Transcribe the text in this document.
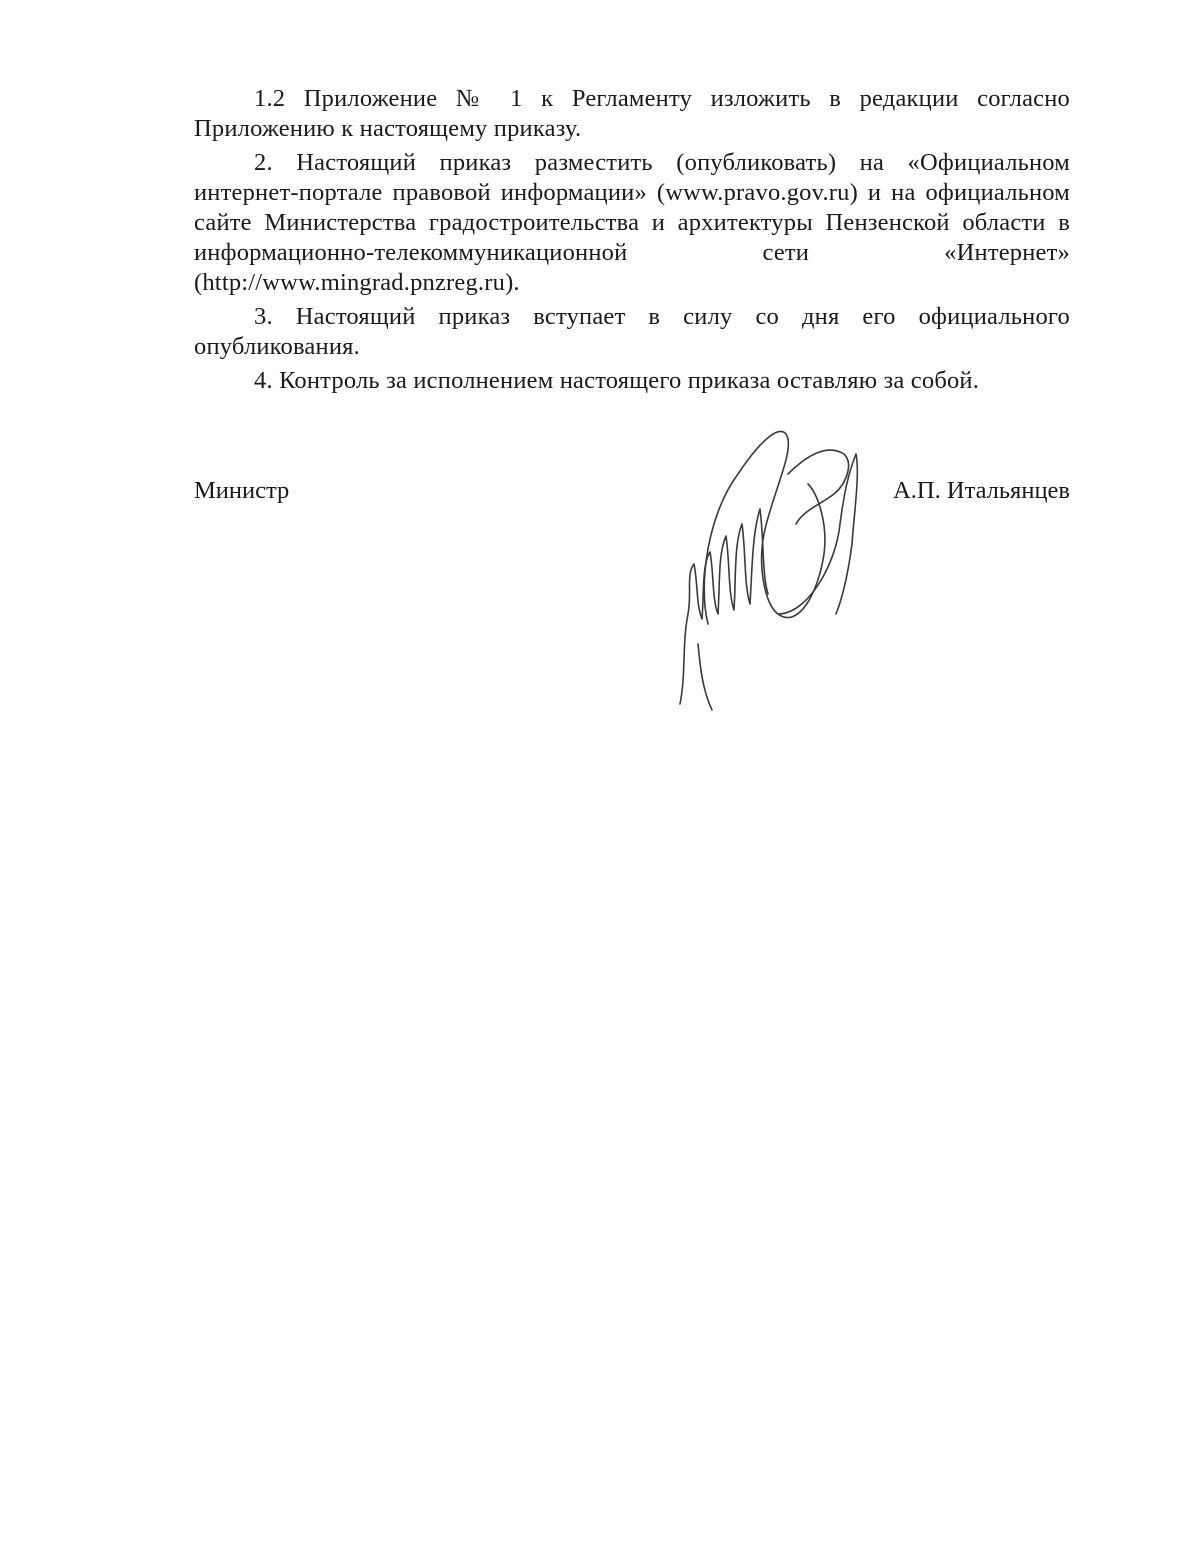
1.2 Приложение № 1 к Регламенту изложить в редакции согласно Приложению к настоящему приказу.

2. Настоящий приказ разместить (опубликовать) на «Официальном интернет-портале правовой информации» (www.pravo.gov.ru) и на официальном сайте Министерства градостроительства и архитектуры Пензенской области в информационно-телекоммуникационной сети «Интернет» (http://www.mingrad.pnzreg.ru).

3. Настоящий приказ вступает в силу со дня его официального опубликования.

4. Контроль за исполнением настоящего приказа оставляю за собой.

Министр	А.П. Итальянцев
